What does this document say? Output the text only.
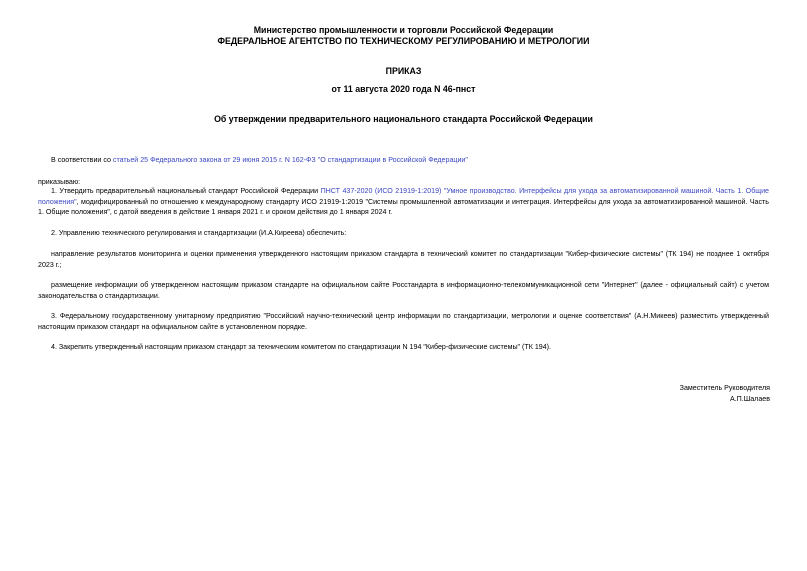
Министерство промышленности и торговли Российской Федерации
ФЕДЕРАЛЬНОЕ АГЕНТСТВО ПО ТЕХНИЧЕСКОМУ РЕГУЛИРОВАНИЮ И МЕТРОЛОГИИ
ПРИКАЗ
от 11 августа 2020 года N 46-пнст
Об утверждении предварительного национального стандарта Российской Федерации
В соответствии со статьей 25 Федерального закона от 29 июня 2015 г. N 162-ФЗ "О стандартизации в Российской Федерации"
приказываю:
1. Утвердить предварительный национальный стандарт Российской Федерации ПНСТ 437-2020 (ИСО 21919-1:2019) "Умное производство. Интерфейсы для ухода за автоматизированной машиной. Часть 1. Общие положения", модифицированный по отношению к международному стандарту ИСО 21919-1:2019 "Системы промышленной автоматизации и интеграция. Интерфейсы для ухода за автоматизированной машиной. Часть 1. Общие положения", с датой введения в действие 1 января 2021 г. и сроком действия до 1 января 2024 г.
2. Управлению технического регулирования и стандартизации (И.А.Киреева) обеспечить:
направление результатов мониторинга и оценки применения утвержденного настоящим приказом стандарта в технический комитет по стандартизации "Кибер-физические системы" (ТК 194) не позднее 1 октября 2023 г.;
размещение информации об утвержденном настоящим приказом стандарте на официальном сайте Росстандарта в информационно-телекоммуникационной сети "Интернет" (далее - официальный сайт) с учетом законодательства о стандартизации.
3. Федеральному государственному унитарному предприятию "Российский научно-технический центр информации по стандартизации, метрологии и оценке соответствия" (А.Н.Микеев) разместить утвержденный настоящим приказом стандарт на официальном сайте в установленном порядке.
4. Закрепить утвержденный настоящим приказом стандарт за техническим комитетом по стандартизации N 194 "Кибер-физические системы" (ТК 194).
Заместитель Руководителя
А.П.Шалаев
